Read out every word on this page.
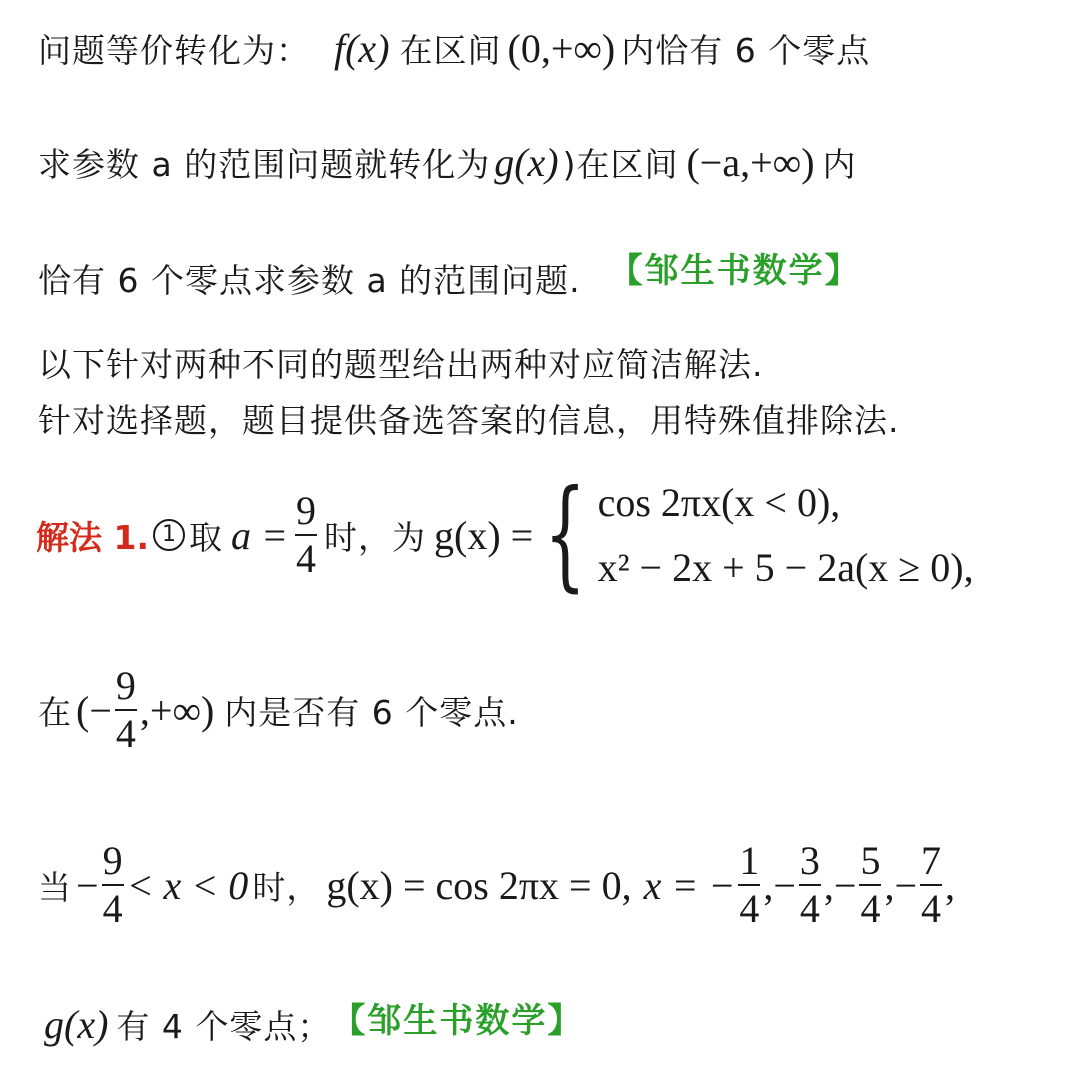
问题等价转化为： f(x) 在区间 (0,+∞) 内恰有 6 个零点
求参数 a 的范围问题就转化为 g(x) )在区间 (−a,+∞) 内
恰有 6 个零点求参数 a 的范围问题. 【邹生书数学】
以下针对两种不同的题型给出两种对应简洁解法.
针对选择题，题目提供备选答案的信息，用特殊值排除法.
解法 1. 1 取 $a = \frac{9}{4}$ 时，为 g(x) = { cos 2πx(x < 0),
x² − 2x + 5 − 2a(x ≥ 0),
在 (− $\frac{9}{4}$ ,+∞) 内是否有 6 个零点.
当 − $\frac{9}{4} < x < 0$ 时， g(x) = cos 2πx = 0, x = − $\frac{1}{4}$ ,− $\frac{3}{4}$ ,− $\frac{5}{4}$ ,− $\frac{7}{4}$ ,
g(x) 有 4 个零点； 【邹生书数学】
